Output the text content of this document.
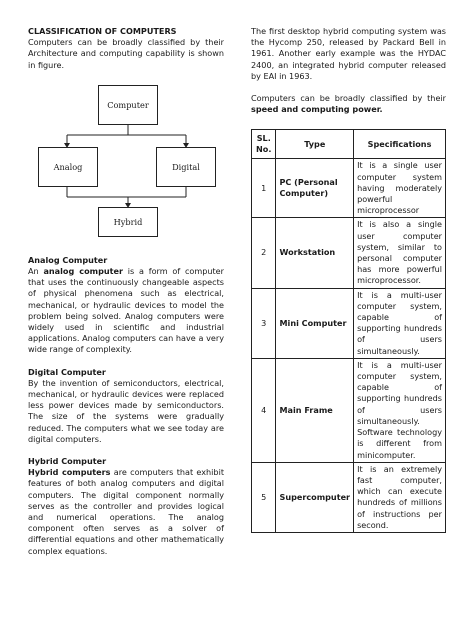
CLASSIFICATION OF COMPUTERS

Computers can be broadly classified by their Architecture and computing capability is shown in figure.

Computer
Analog	Digital
Hybrid
Analog Computer

An analog computer is a form of computer that uses the continuously changeable aspects of physical phenomena such as electrical, mechanical, or hydraulic devices to model the problem being solved. Analog computers were widely used in scientific and industrial applications. Analog computers can have a very wide range of complexity.

Digital Computer

By the invention of semiconductors, electrical, mechanical, or hydraulic devices were replaced less power devices made by semiconductors. The size of the systems were gradually reduced. The computers what we see today are digital computers.

Hybrid Computer

Hybrid computers are computers that exhibit features of both analog computers and digital computers. The digital component normally serves as the controller and provides logical and numerical operations. The analog component often serves as a solver of differential equations and other mathematically complex equations.

The first desktop hybrid computing system was the Hycomp 250, released by Packard Bell in 1961. Another early example was the HYDAC 2400, an integrated hybrid computer released by EAI in 1963.

Computers can be broadly classified by their speed and computing power.

SL. No.	Type	Specifications
1	PC (Personal Computer)	It is a single user computer system having moderately powerful microprocessor
2	Workstation	It is also a single user computer system, similar to personal computer has more powerful microprocessor.
3	Mini Computer	It is a multi-user computer system, capable of supporting hundreds of users simultaneously.
4	Main Frame	It is a multi-user computer system, capable of supporting hundreds of users simultaneously. Software technology is different from minicomputer.
5	Supercomputer	It is an extremely fast computer, which can execute hundreds of millions of instructions per second.
